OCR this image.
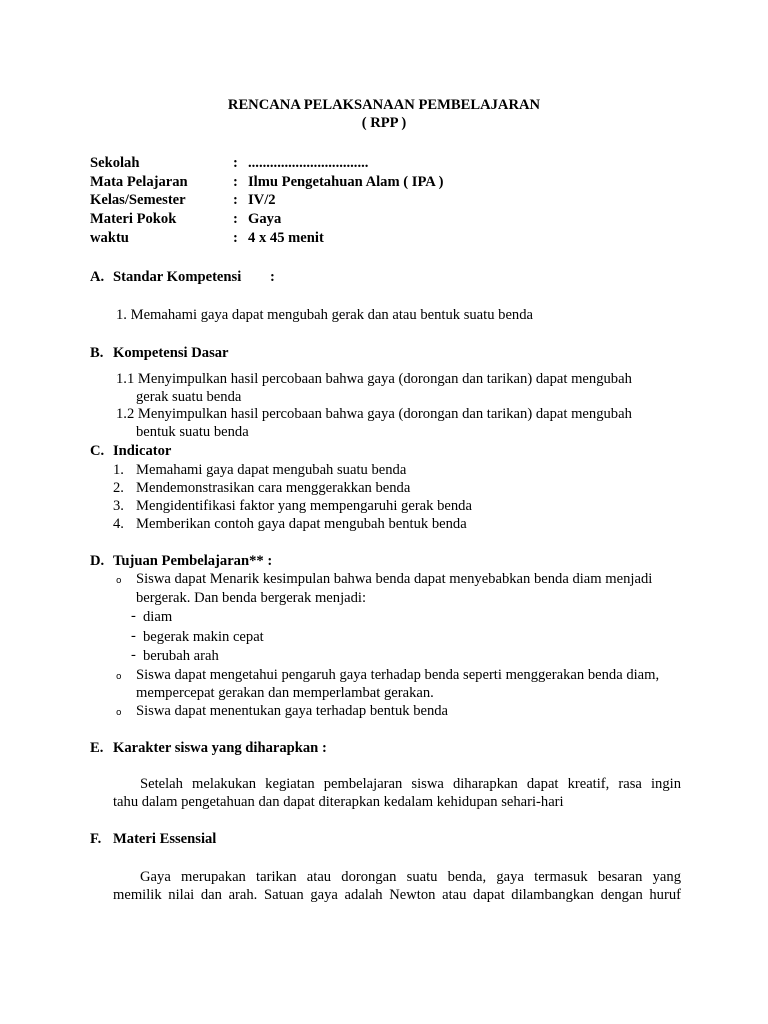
RENCANA PELAKSANAAN PEMBELAJARAN
( RPP )
Sekolah	: .................................
Mata Pelajaran	: Ilmu Pengetahuan Alam ( IPA )
Kelas/Semester	: IV/2
Materi Pokok	: Gaya
waktu	: 4 x 45 menit
A. Standar Kompetensi :
1. Memahami gaya dapat mengubah gerak dan atau bentuk suatu benda
B. Kompetensi Dasar
1.1 Menyimpulkan hasil percobaan bahwa gaya (dorongan dan tarikan) dapat mengubah
gerak suatu benda
1.2 Menyimpulkan hasil percobaan bahwa gaya (dorongan dan tarikan) dapat mengubah
bentuk suatu benda
C. Indicator
1. Memahami gaya dapat mengubah suatu benda
2. Mendemonstrasikan cara menggerakkan benda
3. Mengidentifikasi faktor yang mempengaruhi gerak benda
4. Memberikan contoh gaya dapat mengubah bentuk benda
D. Tujuan Pembelajaran** :
o Siswa dapat Menarik kesimpulan bahwa benda dapat menyebabkan benda diam menjadi
bergerak. Dan benda bergerak menjadi:
- diam
- begerak makin cepat
- berubah arah
o Siswa dapat mengetahui pengaruh gaya terhadap benda seperti menggerakan benda diam,
mempercepat gerakan dan memperlambat gerakan.
o Siswa dapat menentukan gaya terhadap bentuk benda
E. Karakter siswa yang diharapkan :
Setelah melakukan kegiatan pembelajaran siswa diharapkan dapat kreatif, rasa ingin
tahu dalam pengetahuan dan dapat diterapkan kedalam kehidupan sehari-hari
F. Materi Essensial
Gaya merupakan tarikan atau dorongan suatu benda, gaya termasuk besaran yang
memilik nilai dan arah. Satuan gaya adalah Newton atau dapat dilambangkan dengan huruf
